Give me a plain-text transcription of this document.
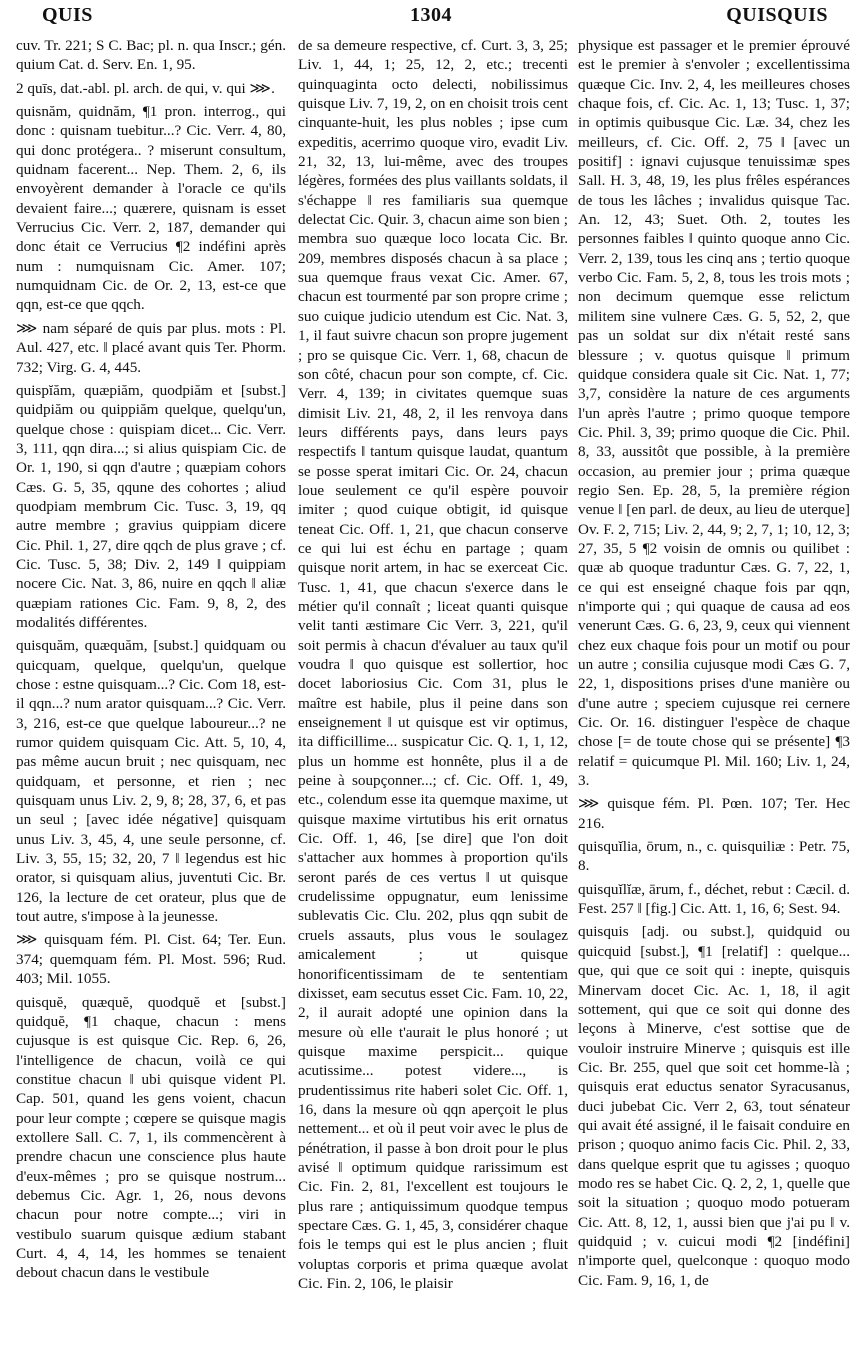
QUIS	1304	QUISQUIS

cuv. Tr. 221; S C. Bac; pl. n. qua Inscr.; gén. quium Cat. d. Serv. En. 1, 95.

2 quīs, dat.-abl. pl. arch. de qui, v. qui ⋙.

quisnăm, quidnăm, ¶1 pron. interrog., qui donc : quisnam tuebitur...? Cic. Verr. 4, 80, qui donc protégera.. ? miserunt consultum, quidnam facerent... Nep. Them. 2, 6, ils envoyèrent demander à l'oracle ce qu'ils devaient faire...; quærere, quisnam is esset Verrucius Cic. Verr. 2, 187, demander qui donc était ce Verrucius ¶2 indéfini après num : numquisnam Cic. Amer. 107; numquidnam Cic. de Or. 2, 13, est-ce que qqn, est-ce que qqch.

⋙ nam séparé de quis par plus. mots : Pl. Aul. 427, etc. ‖ placé avant quis Ter. Phorm. 732; Virg. G. 4, 445.

quispĭăm, quæpiăm, quodpiăm et [subst.] quidpiăm ou quippiăm quelque, quelqu'un, quelque chose : quispiam dicet... Cic. Verr. 3, 111, qqn dira...; si alius quispiam Cic. de Or. 1, 190, si qqn d'autre ; quæpiam cohors Cæs. G. 5, 35, qqune des cohortes ; aliud quodpiam membrum Cic. Tusc. 3, 19, qq autre membre ; gravius quippiam dicere Cic. Phil. 1, 27, dire qqch de plus grave ; cf. Cic. Tusc. 5, 38; Div. 2, 149 ‖ quippiam nocere Cic. Nat. 3, 86, nuire en qqch ‖ aliæ quæpiam rationes Cic. Fam. 9, 8, 2, des modalités différentes.

quisquăm, quæquăm, [subst.] quidquam ou quicquam, quelque, quelqu'un, quelque chose : estne quisquam...? Cic. Com 18, est-il qqn...? num arator quisquam...? Cic. Verr. 3, 216, est-ce que quelque laboureur...? ne rumor quidem quisquam Cic. Att. 5, 10, 4, pas même aucun bruit ; nec quisquam, nec quidquam, et personne, et rien ; nec quisquam unus Liv. 2, 9, 8; 28, 37, 6, et pas un seul ; [avec idée négative] quisquam unus Liv. 3, 45, 4, une seule personne, cf. Liv. 3, 55, 15; 32, 20, 7 ‖ legendus est hic orator, si quisquam alius, juventuti Cic. Br. 126, la lecture de cet orateur, plus que de tout autre, s'impose à la jeunesse.

⋙ quisquam fém. Pl. Cist. 64; Ter. Eun. 374; quemquam fém. Pl. Most. 596; Rud. 403; Mil. 1055.

quisquĕ, quæquĕ, quodquĕ et [subst.] quidquĕ, ¶1 chaque, chacun : mens cujusque is est quisque Cic. Rep. 6, 26, l'intelligence de chacun, voilà ce qui constitue chacun ‖ ubi quisque vident Pl. Cap. 501, quand les gens voient, chacun pour leur compte ; cœpere se quisque magis extollere Sall. C. 7, 1, ils commencèrent à prendre chacun une conscience plus haute d'eux-mêmes ; pro se quisque nostrum... debemus Cic. Agr. 1, 26, nous devons chacun pour notre compte...; viri in vestibulo suarum quisque ædium stabant Curt. 4, 4, 14, les hommes se tenaient debout chacun dans le vestibule

de sa demeure respective, cf. Curt. 3, 3, 25; Liv. 1, 44, 1; 25, 12, 2, etc.; trecenti quinquaginta octo delecti, nobilissimus quisque Liv. 7, 19, 2, on en choisit trois cent cinquante-huit, les plus nobles ; ipse cum expeditis, acerrimo quoque viro, evadit Liv. 21, 32, 13, lui-même, avec des troupes légères, formées des plus vaillants soldats, il s'échappe ‖ res familiaris sua quemque delectat Cic. Quir. 3, chacun aime son bien ; membra suo quæque loco locata Cic. Br. 209, membres disposés chacun à sa place ; sua quemque fraus vexat Cic. Amer. 67, chacun est tourmenté par son propre crime ; suo cuique judicio utendum est Cic. Nat. 3, 1, il faut suivre chacun son propre jugement ; pro se quisque Cic. Verr. 1, 68, chacun de son côté, chacun pour son compte, cf. Cic. Verr. 4, 139; in civitates quemque suas dimisit Liv. 21, 48, 2, il les renvoya dans leurs différents pays, dans leurs pays respectifs ‖ tantum quisque laudat, quantum se posse sperat imitari Cic. Or. 24, chacun loue seulement ce qu'il espère pouvoir imiter ; quod cuique obtigit, id quisque teneat Cic. Off. 1, 21, que chacun conserve ce qui lui est échu en partage ; quam quisque norit artem, in hac se exerceat Cic. Tusc. 1, 41, que chacun s'exerce dans le métier qu'il connaît ; liceat quanti quisque velit tanti æstimare Cic Verr. 3, 221, qu'il soit permis à chacun d'évaluer au taux qu'il voudra ‖ quo quisque est sollertior, hoc docet laboriosius Cic. Com 31, plus le maître est habile, plus il peine dans son enseignement ‖ ut quisque est vir optimus, ita difficillime... suspicatur Cic. Q. 1, 1, 12, plus un homme est honnête, plus il a de peine à soupçonner...; cf. Cic. Off. 1, 49, etc., colendum esse ita quemque maxime, ut quisque maxime virtutibus his erit ornatus Cic. Off. 1, 46, [se dire] que l'on doit s'attacher aux hommes à proportion qu'ils seront parés de ces vertus ‖ ut quisque crudelissime oppugnatur, eum lenissime sublevatis Cic. Clu. 202, plus qqn subit de cruels assauts, plus vous le soulagez amicalement ; ut quisque honorificentissimam de te sententiam dixisset, eam secutus esset Cic. Fam. 10, 22, 2, il aurait adopté une opinion dans la mesure où elle t'aurait le plus honoré ; ut quisque maxime perspicit... quique acutissime... potest videre..., is prudentissimus rite haberi solet Cic. Off. 1, 16, dans la mesure où qqn aperçoit le plus nettement... et où il peut voir avec le plus de pénétration, il passe à bon droit pour le plus avisé ‖ optimum quidque rarissimum est Cic. Fin. 2, 81, l'excellent est toujours le plus rare ; antiquissimum quodque tempus spectare Cæs. G. 1, 45, 3, considérer chaque fois le temps qui est le plus ancien ; fluit voluptas corporis et prima quæque avolat Cic. Fin. 2, 106, le plaisir

physique est passager et le premier éprouvé est le premier à s'envoler ; excellentissima quæque Cic. Inv. 2, 4, les meilleures choses chaque fois, cf. Cic. Ac. 1, 13; Tusc. 1, 37; in optimis quibusque Cic. Læ. 34, chez les meilleurs, cf. Cic. Off. 2, 75 ‖ [avec un positif] : ignavi cujusque tenuissimæ spes Sall. H. 3, 48, 19, les plus frêles espérances de tous les lâches ; invalidus quisque Tac. An. 12, 43; Suet. Oth. 2, toutes les personnes faibles ‖ quinto quoque anno Cic. Verr. 2, 139, tous les cinq ans ; tertio quoque verbo Cic. Fam. 5, 2, 8, tous les trois mots ; non decimum quemque esse relictum militem sine vulnere Cæs. G. 5, 52, 2, que pas un soldat sur dix n'était resté sans blessure ; v. quotus quisque ‖ primum quidque considera quale sit Cic. Nat. 1, 77; 3,7, considère la nature de ces arguments l'un après l'autre ; primo quoque tempore Cic. Phil. 3, 39; primo quoque die Cic. Phil. 8, 33, aussitôt que possible, à la première occasion, au premier jour ; prima quæque regio Sen. Ep. 28, 5, la première région venue ‖ [en parl. de deux, au lieu de uterque] Ov. F. 2, 715; Liv. 2, 44, 9; 2, 7, 1; 10, 12, 3; 27, 35, 5 ¶2 voisin de omnis ou quilibet : quæ ab quoque traduntur Cæs. G. 7, 22, 1, ce qui est enseigné chaque fois par qqn, n'importe qui ; qui quaque de causa ad eos venerunt Cæs. G. 6, 23, 9, ceux qui viennent chez eux chaque fois pour un motif ou pour un autre ; consilia cujusque modi Cæs G. 7, 22, 1, dispositions prises d'une manière ou d'une autre ; speciem cujusque rei cernere Cic. Or. 16. distinguer l'espèce de chaque chose [= de toute chose qui se présente] ¶3 relatif = quicumque Pl. Mil. 160; Liv. 1, 24, 3.

⋙ quisque fém. Pl. Pœn. 107; Ter. Hec 216.

quisquĭlia, ōrum, n., c. quisquiliæ : Petr. 75, 8.

quisquĭlĭæ, ārum, f., déchet, rebut : Cæcil. d. Fest. 257 ‖ [fig.] Cic. Att. 1, 16, 6; Sest. 94.

quisquis [adj. ou subst.], quidquid ou quicquid [subst.], ¶1 [relatif] : quelque... que, qui que ce soit qui : inepte, quisquis Minervam docet Cic. Ac. 1, 18, il agit sottement, qui que ce soit qui donne des leçons à Minerve, c'est sottise que de vouloir instruire Minerve ; quisquis est ille Cic. Br. 255, quel que soit cet homme-là ; quisquis erat eductus senator Syracusanus, duci jubebat Cic. Verr 2, 63, tout sénateur qui avait été assigné, il le faisait conduire en prison ; quoquo animo facis Cic. Phil. 2, 33, dans quelque esprit que tu agisses ; quoquo modo res se habet Cic. Q. 2, 2, 1, quelle que soit la situation ; quoquo modo potueram Cic. Att. 8, 12, 1, aussi bien que j'ai pu ‖ v. quidquid ; v. cuicui modi ¶2 [indéfini] n'importe quel, quelconque : quoquo modo Cic. Fam. 9, 16, 1, de
